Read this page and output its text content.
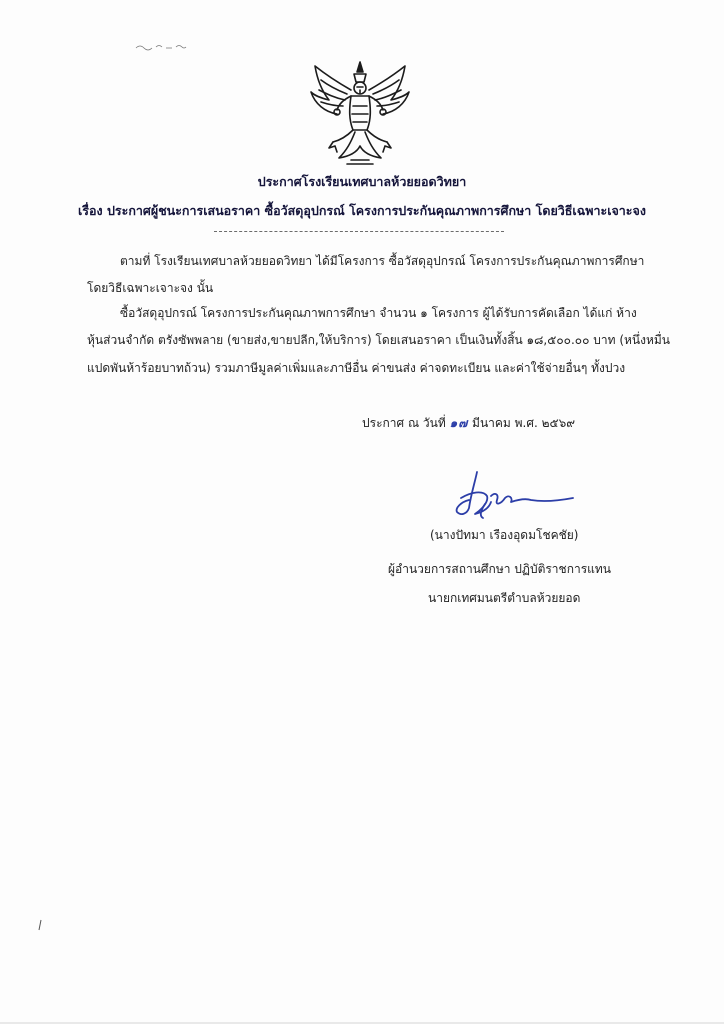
ประกาศโรงเรียนเทศบาลห้วยยอดวิทยา
เรื่อง ประกาศผู้ชนะการเสนอราคา ซื้อวัสดุอุปกรณ์ โครงการประกันคุณภาพการศึกษา โดยวิธีเฉพาะเจาะจง
ตามที่ โรงเรียนเทศบาลห้วยยอดวิทยา ได้มีโครงการ ซื้อวัสดุอุปกรณ์ โครงการประกันคุณภาพการศึกษา
โดยวิธีเฉพาะเจาะจง นั้น
ซื้อวัสดุอุปกรณ์ โครงการประกันคุณภาพการศึกษา จำนวน ๑ โครงการ ผู้ได้รับการคัดเลือก ได้แก่ ห้าง
หุ้นส่วนจำกัด ตรังซัพพลาย (ขายส่ง,ขายปลีก,ให้บริการ) โดยเสนอราคา เป็นเงินทั้งสิ้น ๑๘,๕๐๐.๐๐ บาท (หนึ่งหมื่น
แปดพันห้าร้อยบาทถ้วน) รวมภาษีมูลค่าเพิ่มและภาษีอื่น ค่าขนส่ง ค่าจดทะเบียน และค่าใช้จ่ายอื่นๆ ทั้งปวง
ประกาศ ณ วันที่ ๑๗ มีนาคม พ.ศ. ๒๕๖๙
(นางปัทมา เรืองอุดมโชคชัย)
ผู้อำนวยการสถานศึกษา ปฏิบัติราชการแทน
นายกเทศมนตรีตำบลห้วยยอด
